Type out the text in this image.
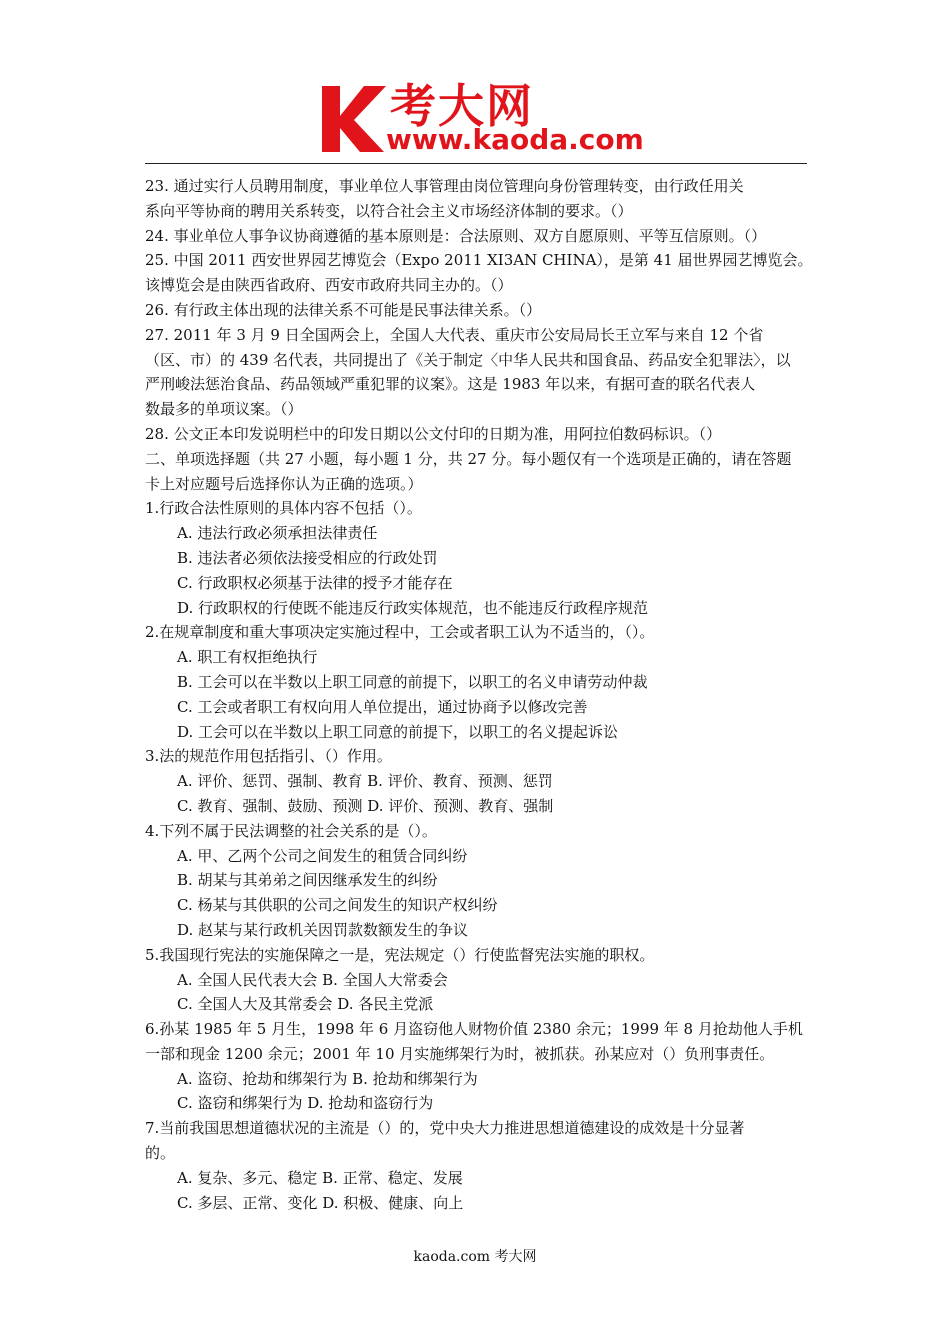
考大网
www.kaoda.com
23. 通过实行人员聘用制度，事业单位人事管理由岗位管理向身份管理转变，由行政任用关
系向平等协商的聘用关系转变，以符合社会主义市场经济体制的要求。（）
24. 事业单位人事争议协商遵循的基本原则是：合法原则、双方自愿原则、平等互信原则。（）
25. 中国 2011 西安世界园艺博览会（Expo 2011 XI3AN CHINA），是第 41 届世界园艺博览会。
该博览会是由陕西省政府、西安市政府共同主办的。（）
26. 有行政主体出现的法律关系不可能是民事法律关系。（）
27. 2011 年 3 月 9 日全国两会上，全国人大代表、重庆市公安局局长王立军与来自 12 个省
（区、市）的 439 名代表，共同提出了《关于制定〈中华人民共和国食品、药品安全犯罪法〉，以
严刑峻法惩治食品、药品领域严重犯罪的议案》。这是 1983 年以来，有据可查的联名代表人
数最多的单项议案。（）
28. 公文正本印发说明栏中的印发日期以公文付印的日期为准，用阿拉伯数码标识。（）
二、单项选择题（共 27 小题，每小题 1 分，共 27 分。每小题仅有一个选项是正确的，请在答题
卡上对应题号后选择你认为正确的选项。）
1.行政合法性原则的具体内容不包括（）。
A. 违法行政必须承担法律责任
B. 违法者必须依法接受相应的行政处罚
C. 行政职权必须基于法律的授予才能存在
D. 行政职权的行使既不能违反行政实体规范，也不能违反行政程序规范
2.在规章制度和重大事项决定实施过程中，工会或者职工认为不适当的，（）。
A. 职工有权拒绝执行
B. 工会可以在半数以上职工同意的前提下，以职工的名义申请劳动仲裁
C. 工会或者职工有权向用人单位提出，通过协商予以修改完善
D. 工会可以在半数以上职工同意的前提下，以职工的名义提起诉讼
3.法的规范作用包括指引、（）作用。
A. 评价、惩罚、强制、教育 B. 评价、教育、预测、惩罚
C. 教育、强制、鼓励、预测 D. 评价、预测、教育、强制
4.下列不属于民法调整的社会关系的是（）。
A. 甲、乙两个公司之间发生的租赁合同纠纷
B. 胡某与其弟弟之间因继承发生的纠纷
C. 杨某与其供职的公司之间发生的知识产权纠纷
D. 赵某与某行政机关因罚款数额发生的争议
5.我国现行宪法的实施保障之一是，宪法规定（）行使监督宪法实施的职权。
A. 全国人民代表大会 B. 全国人大常委会
C. 全国人大及其常委会 D. 各民主党派
6.孙某 1985 年 5 月生，1998 年 6 月盗窃他人财物价值 2380 余元；1999 年 8 月抢劫他人手机
一部和现金 1200 余元；2001 年 10 月实施绑架行为时，被抓获。孙某应对（）负刑事责任。
A. 盗窃、抢劫和绑架行为 B. 抢劫和绑架行为
C. 盗窃和绑架行为 D. 抢劫和盗窃行为
7.当前我国思想道德状况的主流是（）的，党中央大力推进思想道德建设的成效是十分显著
的。
A. 复杂、多元、稳定 B. 正常、稳定、发展
C. 多层、正常、变化 D. 积极、健康、向上
kaoda.com 考大网
